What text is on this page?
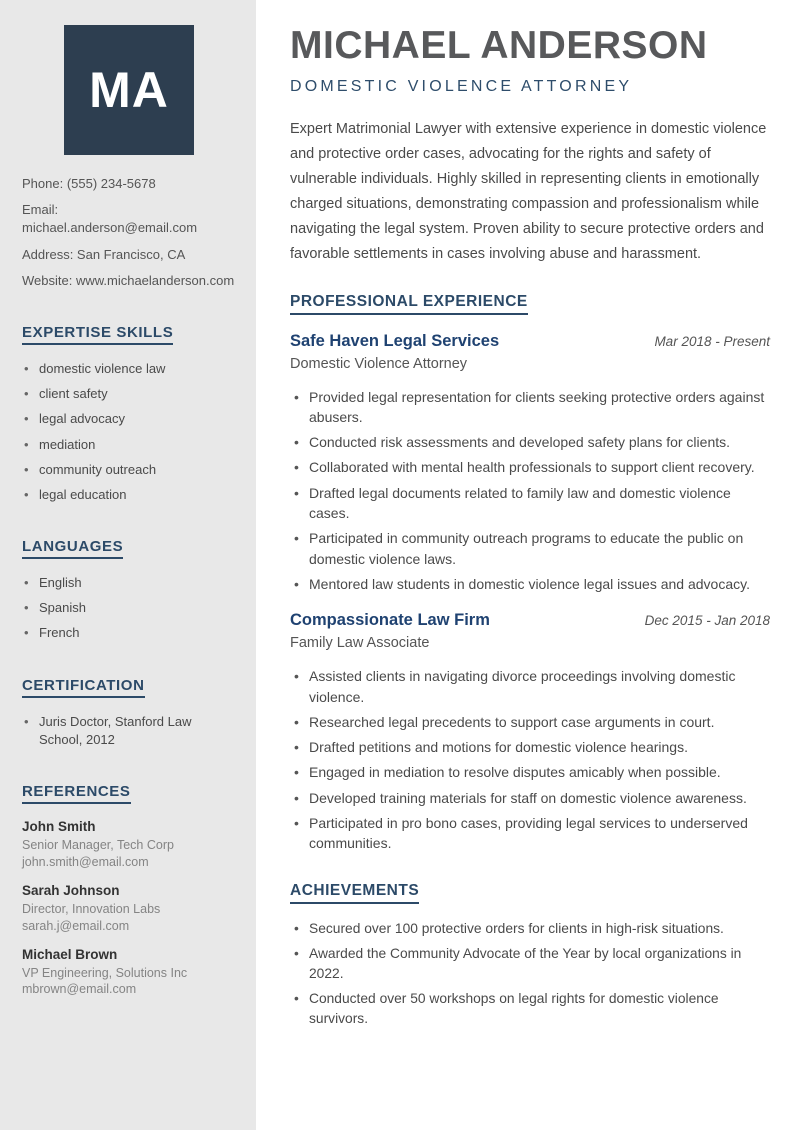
MA

Phone: (555) 234-5678

Email: michael.anderson@email.com

Address: San Francisco, CA

Website: www.michaelanderson.com

EXPERTISE SKILLS
• domestic violence law
• client safety
• legal advocacy
• mediation
• community outreach
• legal education
LANGUAGES
• English
• Spanish
• French
CERTIFICATION
• Juris Doctor, Stanford Law School, 2012
REFERENCES
John Smith
Senior Manager, Tech Corp
john.smith@email.com
Sarah Johnson
Director, Innovation Labs
sarah.j@email.com
Michael Brown
VP Engineering, Solutions Inc
mbrown@email.com
MICHAEL ANDERSON
DOMESTIC VIOLENCE ATTORNEY

Expert Matrimonial Lawyer with extensive experience in domestic violence and protective order cases, advocating for the rights and safety of vulnerable individuals. Highly skilled in representing clients in emotionally charged situations, demonstrating compassion and professionalism while navigating the legal system. Proven ability to secure protective orders and favorable settlements in cases involving abuse and harassment.

PROFESSIONAL EXPERIENCE
Safe Haven Legal Services	Mar 2018 - Present
Domestic Violence Attorney
• Provided legal representation for clients seeking protective orders against abusers.
• Conducted risk assessments and developed safety plans for clients.
• Collaborated with mental health professionals to support client recovery.
• Drafted legal documents related to family law and domestic violence cases.
• Participated in community outreach programs to educate the public on domestic violence laws.
• Mentored law students in domestic violence legal issues and advocacy.
Compassionate Law Firm	Dec 2015 - Jan 2018
Family Law Associate
• Assisted clients in navigating divorce proceedings involving domestic violence.
• Researched legal precedents to support case arguments in court.
• Drafted petitions and motions for domestic violence hearings.
• Engaged in mediation to resolve disputes amicably when possible.
• Developed training materials for staff on domestic violence awareness.
• Participated in pro bono cases, providing legal services to underserved communities.
ACHIEVEMENTS
• Secured over 100 protective orders for clients in high-risk situations.
• Awarded the Community Advocate of the Year by local organizations in 2022.
• Conducted over 50 workshops on legal rights for domestic violence survivors.
